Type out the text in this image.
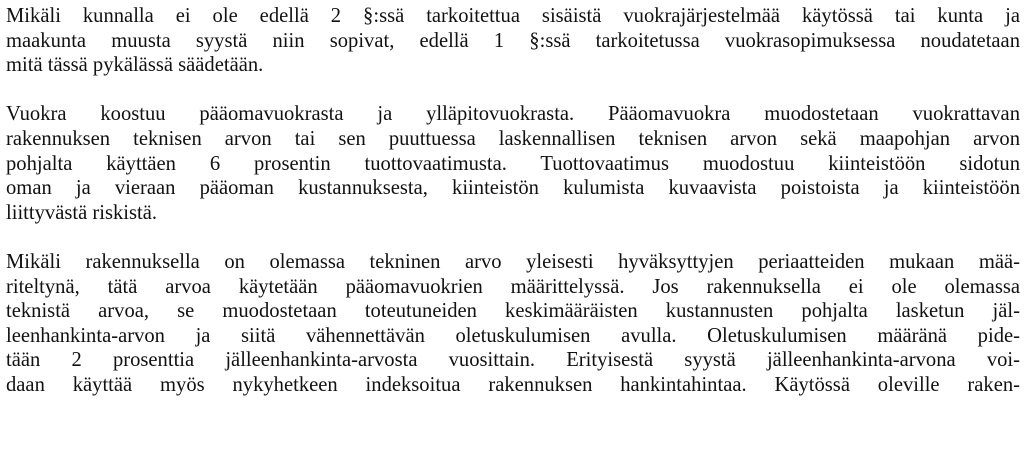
Mikäli kunnalla ei ole edellä 2 §:ssä tarkoitettua sisäistä vuokrajärjestelmää käytössä tai kunta ja
maakunta muusta syystä niin sopivat, edellä 1 §:ssä tarkoitetussa vuokrasopimuksessa noudatetaan
mitä tässä pykälässä säädetään.
Vuokra koostuu pääomavuokrasta ja ylläpitovuokrasta. Pääomavuokra muodostetaan vuokrattavan
rakennuksen teknisen arvon tai sen puuttuessa laskennallisen teknisen arvon sekä maapohjan arvon
pohjalta käyttäen 6 prosentin tuottovaatimusta. Tuottovaatimus muodostuu kiinteistöön sidotun
oman ja vieraan pääoman kustannuksesta, kiinteistön kulumista kuvaavista poistoista ja kiinteistöön
liittyvästä riskistä.
Mikäli rakennuksella on olemassa tekninen arvo yleisesti hyväksyttyjen periaatteiden mukaan mää-
riteltynä, tätä arvoa käytetään pääomavuokrien määrittelyssä. Jos rakennuksella ei ole olemassa
teknistä arvoa, se muodostetaan toteutuneiden keskimääräisten kustannusten pohjalta lasketun jäl-
leenhankinta-arvon ja siitä vähennettävän oletuskulumisen avulla. Oletuskulumisen määränä pide-
tään 2 prosenttia jälleenhankinta-arvosta vuosittain. Erityisestä syystä jälleenhankinta-arvona voi-
daan käyttää myös nykyhetkeen indeksoitua rakennuksen hankintahintaa. Käytössä oleville raken-
